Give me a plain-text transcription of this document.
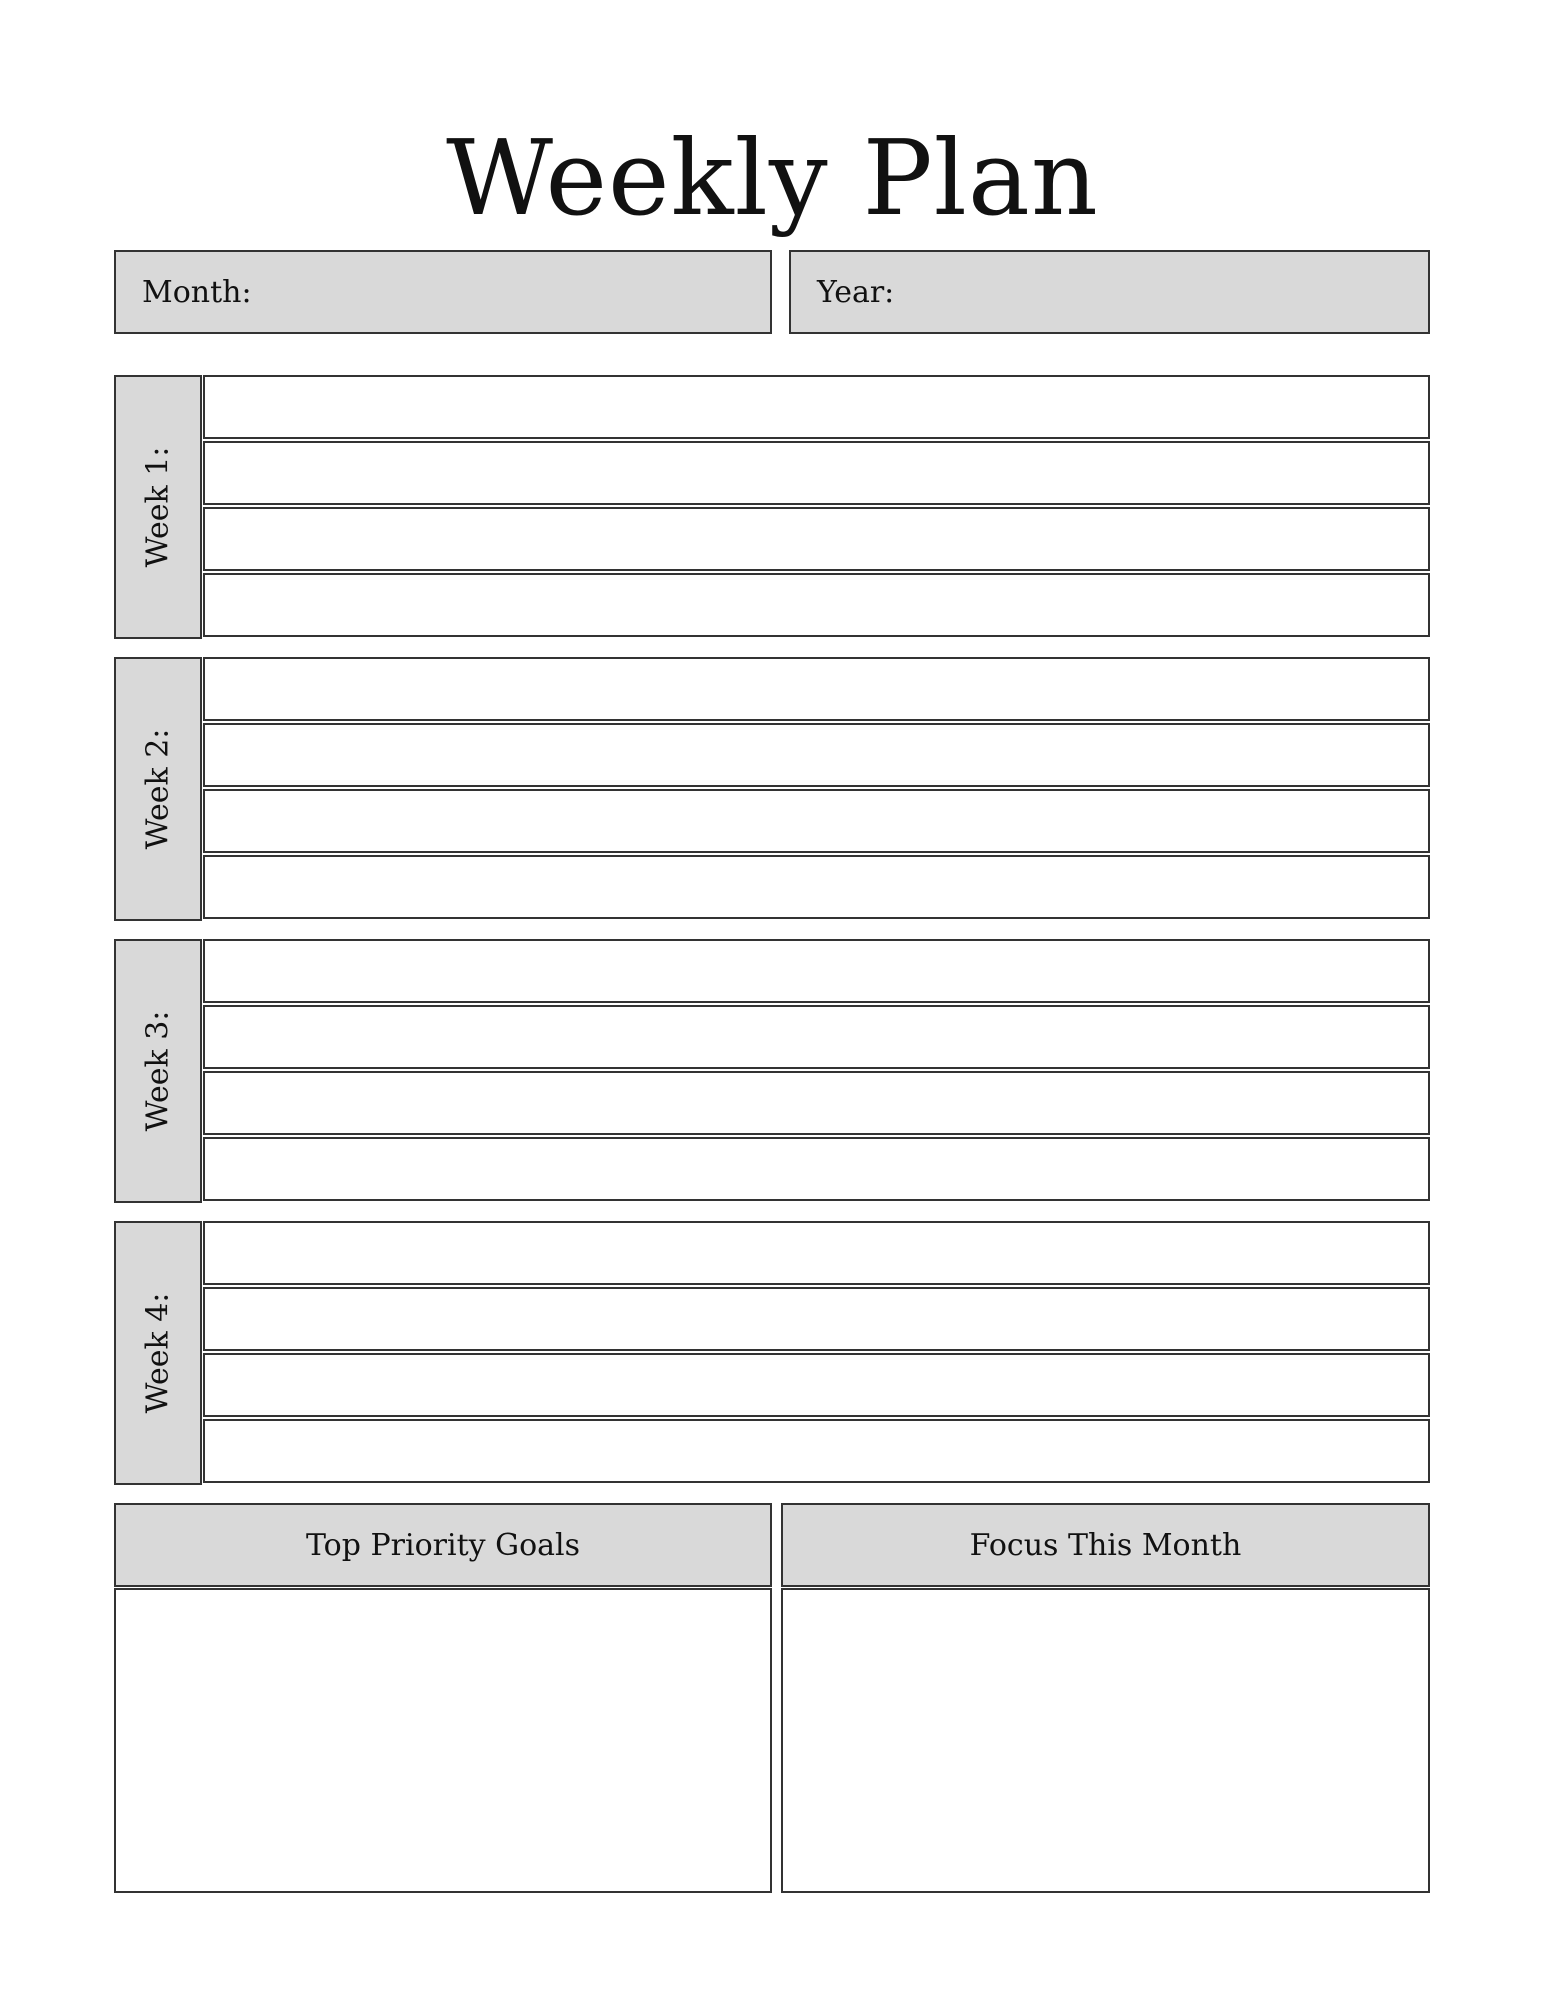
Weekly Plan
Month:	Year:
Week 1:
Week 2:
Week 3:
Week 4:
Top Priority Goals	Focus This Month
